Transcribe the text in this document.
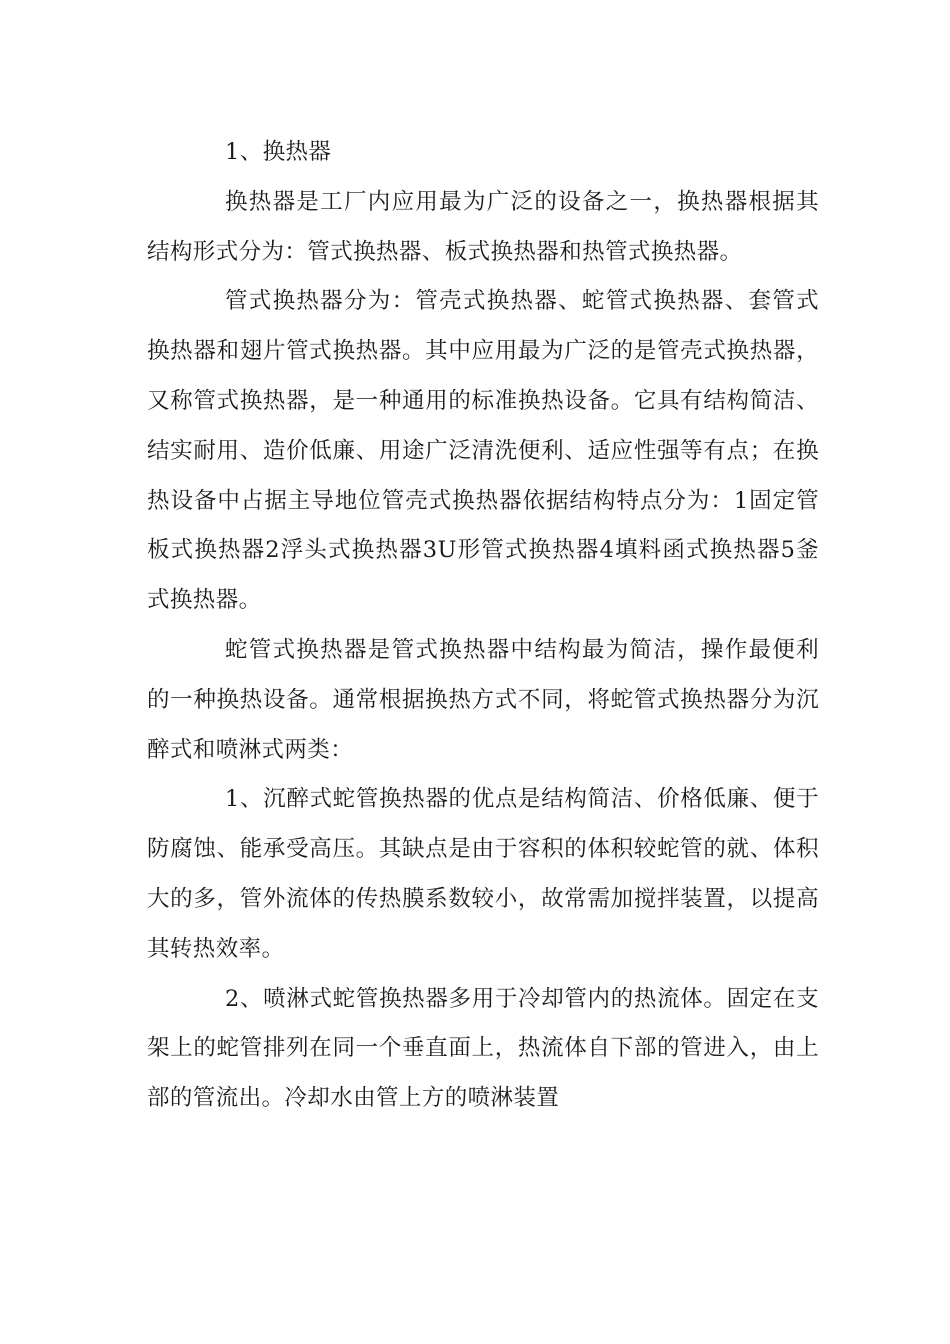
1、换热器

换热器是工厂内应用最为广泛的设备之一，换热器根据其结构形式分为：管式换热器、板式换热器和热管式换热器。

管式换热器分为：管壳式换热器、蛇管式换热器、套管式换热器和翅片管式换热器。其中应用最为广泛的是管壳式换热器，又称管式换热器，是一种通用的标准换热设备。它具有结构简洁、结实耐用、造价低廉、用途广泛清洗便利、适应性强等有点；在换热设备中占据主导地位管壳式换热器依据结构特点分为：1固定管板式换热器2浮头式换热器3U形管式换热器4填料函式换热器5釜式换热器。

蛇管式换热器是管式换热器中结构最为简洁，操作最便利的一种换热设备。通常根据换热方式不同，将蛇管式换热器分为沉醉式和喷淋式两类：

1、沉醉式蛇管换热器的优点是结构简洁、价格低廉、便于防腐蚀、能承受高压。其缺点是由于容积的体积较蛇管的就、体积大的多，管外流体的传热膜系数较小，故常需加搅拌装置，以提高其转热效率。

2、喷淋式蛇管换热器多用于冷却管内的热流体。固定在支架上的蛇管排列在同一个垂直面上，热流体自下部的管进入，由上部的管流出。冷却水由管上方的喷淋装置
